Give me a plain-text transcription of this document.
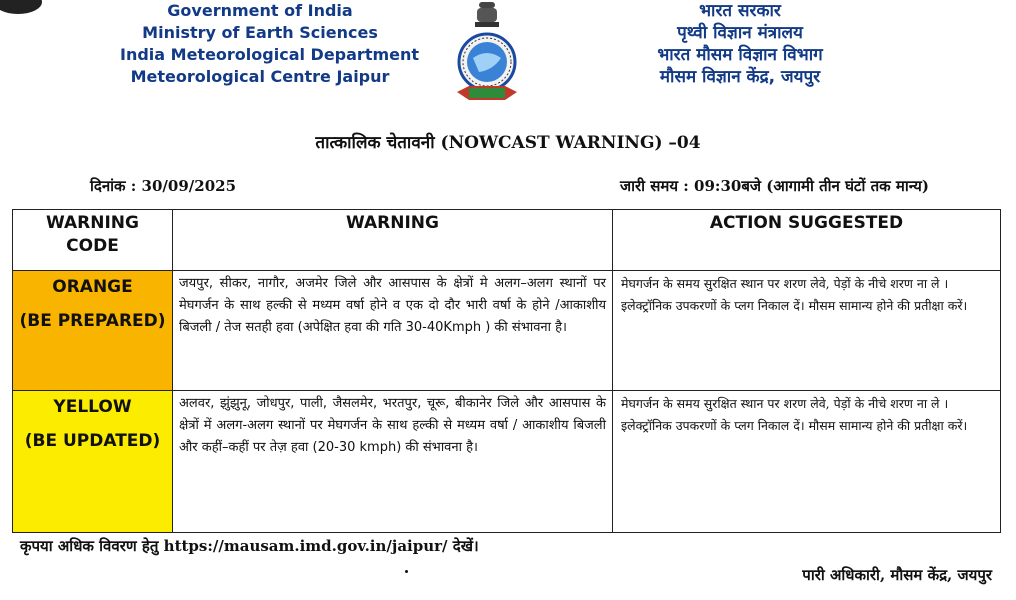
Government of India
Ministry of Earth Sciences
India Meteorological Department
Meteorological Centre Jaipur
भारत सरकार
पृथ्वी विज्ञान मंत्रालय
भारत मौसम विज्ञान विभाग
मौसम विज्ञान केंद्र, जयपुर
तात्कालिक चेतावनी (NOWCAST WARNING) –04
दिनांक : 30/09/2025	जारी समय : 09:30बजे (आगामी तीन घंटों तक मान्य)
WARNING CODE	WARNING	ACTION SUGGESTED

ORANGE
(BE PREPARED)	जयपुर, सीकर, नागौर, अजमेर जिले और आसपास के क्षेत्रों मे अलग–अलग स्थानों पर मेघगर्जन के साथ हल्की से मध्यम वर्षा होने व एक दो दौर भारी वर्षा के होने /आकाशीय बिजली / तेज सतही हवा (अपेक्षित हवा की गति 30-40Kmph ) की संभावना है।	मेघगर्जन के समय सुरक्षित स्थान पर शरण लेवे, पेड़ों के नीचे शरण ना ले । इलेक्ट्रॉनिक उपकरणों के प्लग निकाल दें। मौसम सामान्य होने की प्रतीक्षा करें।

YELLOW
(BE UPDATED)	अलवर, झुंझुनू, जोधपुर, पाली, जैसलमेर, भरतपुर, चूरू, बीकानेर जिले और आसपास के क्षेत्रों में अलग-अलग स्थानों पर मेघगर्जन के साथ हल्की से मध्यम वर्षा / आकाशीय बिजली और कहीं–कहीं पर तेज़ हवा (20-30 kmph) की संभावना है।	मेघगर्जन के समय सुरक्षित स्थान पर शरण लेवे, पेड़ों के नीचे शरण ना ले । इलेक्ट्रॉनिक उपकरणों के प्लग निकाल दें। मौसम सामान्य होने की प्रतीक्षा करें।
कृपया अधिक विवरण हेतु https://mausam.imd.gov.in/jaipur/ देखें।
पारी अधिकारी, मौसम केंद्र, जयपुर
